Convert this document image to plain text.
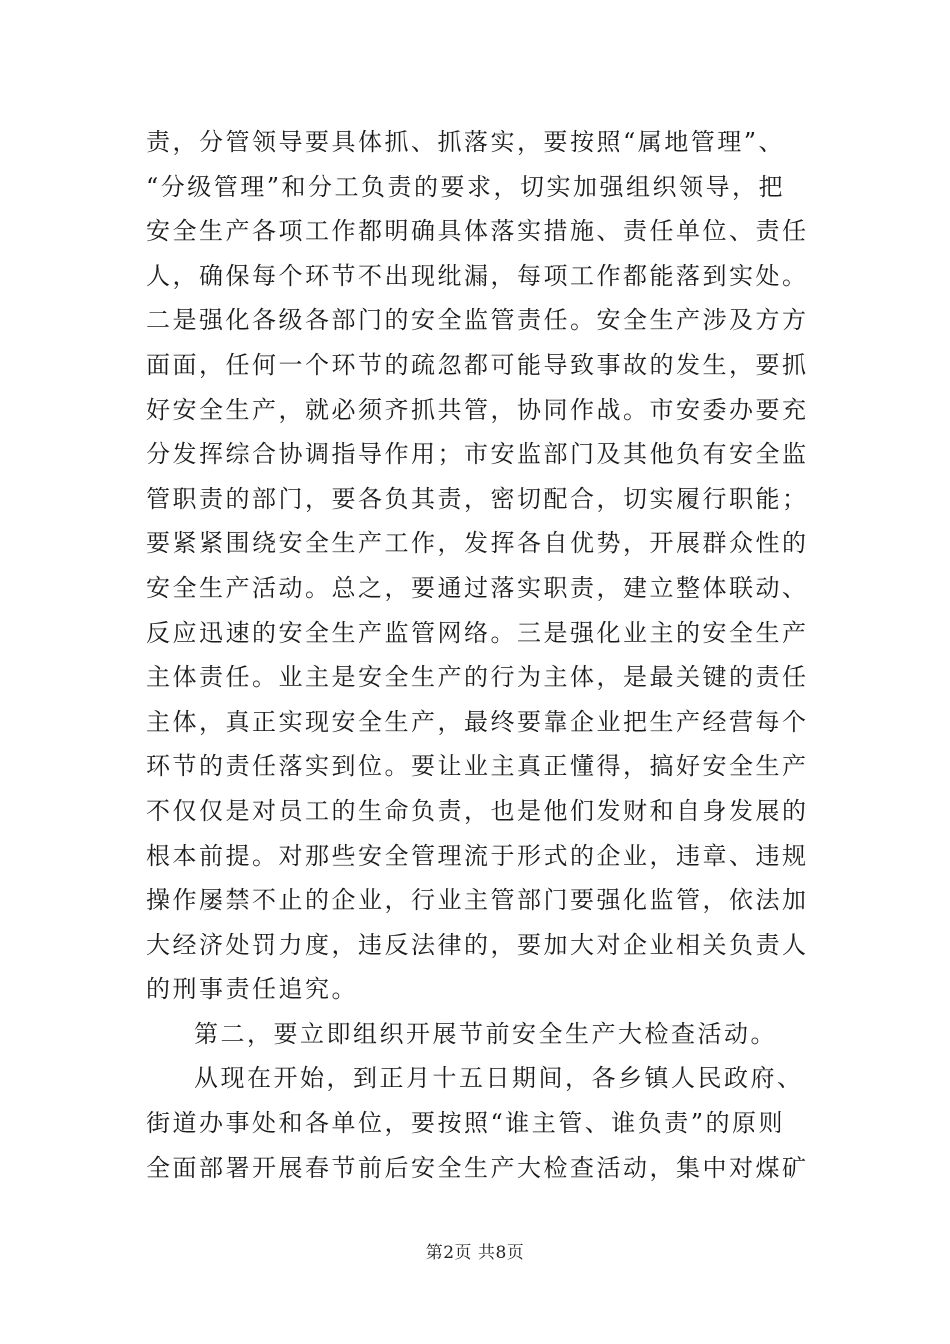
责，分管领导要具体抓、抓落实，要按照“属地管理”、
“分级管理”和分工负责的要求，切实加强组织领导，把
安全生产各项工作都明确具体落实措施、责任单位、责任
人，确保每个环节不出现纰漏，每项工作都能落到实处。
二是强化各级各部门的安全监管责任。安全生产涉及方方
面面，任何一个环节的疏忽都可能导致事故的发生，要抓
好安全生产，就必须齐抓共管，协同作战。市安委办要充
分发挥综合协调指导作用；市安监部门及其他负有安全监
管职责的部门，要各负其责，密切配合，切实履行职能；
要紧紧围绕安全生产工作，发挥各自优势，开展群众性的
安全生产活动。总之，要通过落实职责，建立整体联动、
反应迅速的安全生产监管网络。三是强化业主的安全生产
主体责任。业主是安全生产的行为主体，是最关键的责任
主体，真正实现安全生产，最终要靠企业把生产经营每个
环节的责任落实到位。要让业主真正懂得，搞好安全生产
不仅仅是对员工的生命负责，也是他们发财和自身发展的
根本前提。对那些安全管理流于形式的企业，违章、违规
操作屡禁不止的企业，行业主管部门要强化监管，依法加
大经济处罚力度，违反法律的，要加大对企业相关负责人
的刑事责任追究。
第二，要立即组织开展节前安全生产大检查活动。
从现在开始，到正月十五日期间，各乡镇人民政府、
街道办事处和各单位，要按照“谁主管、谁负责”的原则
全面部署开展春节前后安全生产大检查活动，集中对煤矿
第2页 共8页
